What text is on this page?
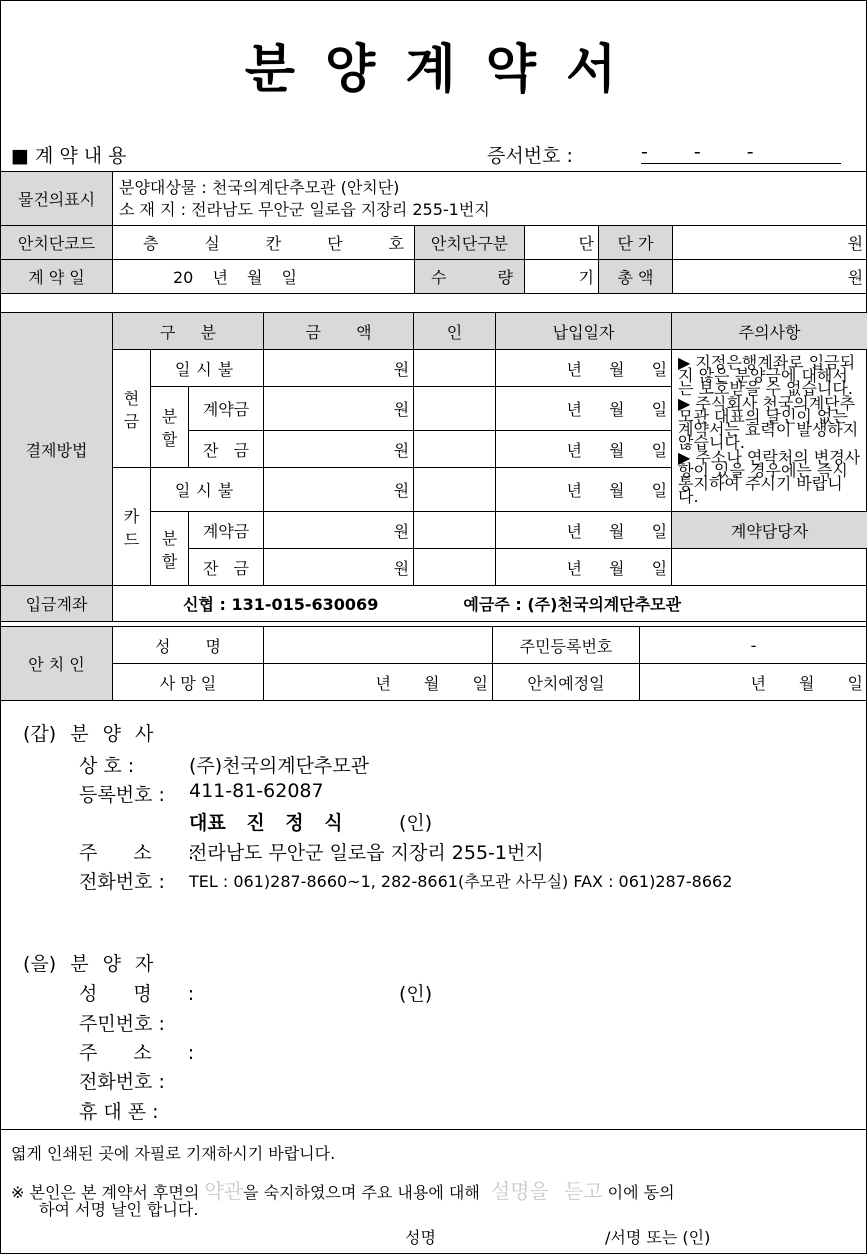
분 양 계 약 서
■ 계 약 내 용	증서번호 :	- - -
물건의표시	분양대상물 : 천국의계단추모관 (안치단)
소 재 지 : 전라남도 무안군 일로읍 지장리 255-1번지				

안치단코드	층 실 칸 단 호	안치단구분	단	단 가	원
계 약 일	20 년 월 일	수 량	기	총 액	원
결제방법	구 분			금 액	인	납입일자	주의사항
	현금	일시불		원		년 월 일	▶ 지정은행계좌로 입금되지 않은 분양금에 대해서는 보호받을 수 없습니다.
▶ 주식회사 천국의계단추모관 대표의 날인이 없는 계약서는 효력이 발생하지 않습니다.
▶ 주소나 연락처의 변경사항이 있을 경우에는 즉시 통지하여 주시기 바랍니다.

		분할	계약금	원		년 월 일	
			잔 금	원		년 월 일	
	카드	일시불		원		년 월 일	
		분할	계약금	원		년 월 일	계약담당자
			잔 금	원		년 월 일	
입금계좌	신협 : 131-015-630069 예금주 : (주)천국의계단추모관						
안 치 인	성 명		주민등록번호	-
	사 망 일	년 월 일	안치예정일	년 월 일
(갑) 분 양 사
상 호 :	(주)천국의계단추모관
등록번호 : 411-81-62087
대표 진 정 식	(인)
주 소 :
전라남도 무안군 일로읍 지장리 255-1번지
전화번호 : TEL : 061)287-8660~1, 282-8661(추모관 사무실) FAX : 061)287-8662
(을) 분 양 자
성 명 :	(인)
주민번호 :
주 소 :
전화번호 :
휴 대 폰 :
엷게 인쇄된 곳에 자필로 기재하시기 바랍니다.
※ 본인은 본 계약서 후면의 약관을 숙지하였으며 주요 내용에 대해 설명을 듣고 이에 동의
하여 서명 날인 합니다.
성명	/서명 또는 (인)
